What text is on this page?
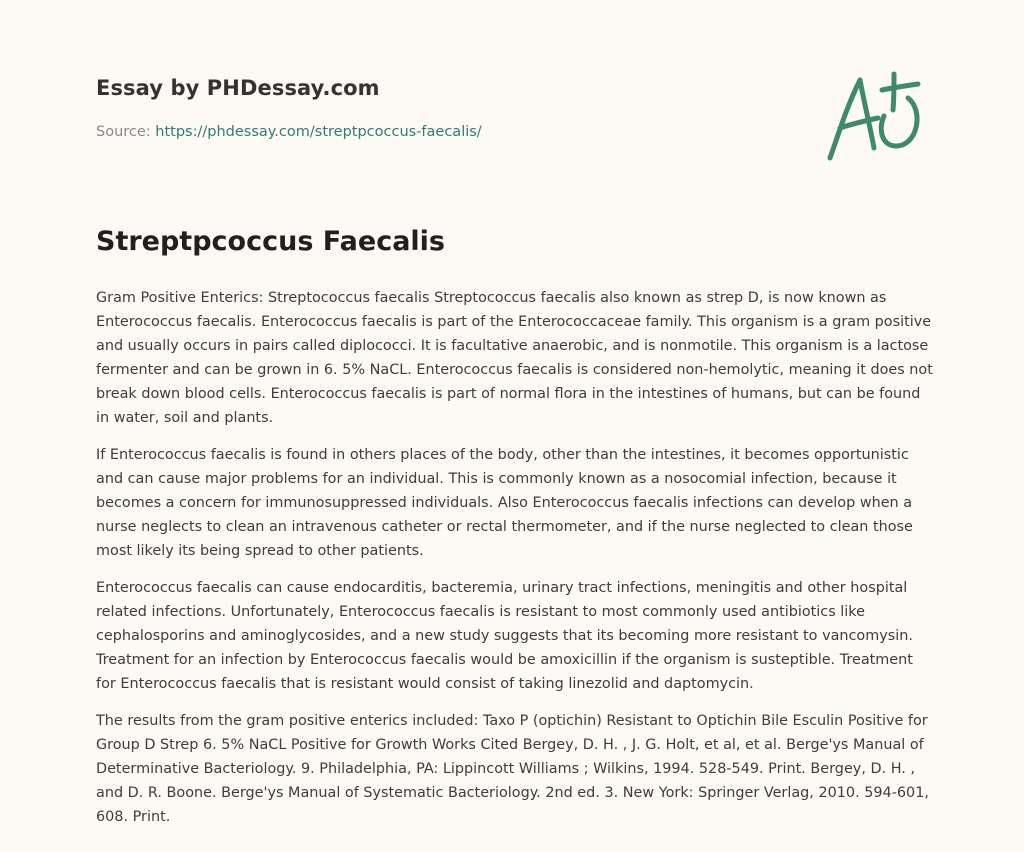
Essay by PHDessay.com
Source: https://phdessay.com/streptpcoccus-faecalis/
Streptpcoccus Faecalis

Gram Positive Enterics: Streptococcus faecalis Streptococcus faecalis also known as strep D, is now known as Enterococcus faecalis. Enterococcus faecalis is part of the Enterococcaceae family. This organism is a gram positive and usually occurs in pairs called diplococci. It is facultative anaerobic, and is nonmotile. This organism is a lactose fermenter and can be grown in 6. 5% NaCL. Enterococcus faecalis is considered non-hemolytic, meaning it does not break down blood cells. Enterococcus faecalis is part of normal flora in the intestines of humans, but can be found in water, soil and plants.

If Enterococcus faecalis is found in others places of the body, other than the intestines, it becomes opportunistic and can cause major problems for an individual. This is commonly known as a nosocomial infection, because it becomes a concern for immunosuppressed individuals. Also Enterococcus faecalis infections can develop when a nurse neglects to clean an intravenous catheter or rectal thermometer, and if the nurse neglected to clean those most likely its being spread to other patients.

Enterococcus faecalis can cause endocarditis, bacteremia, urinary tract infections, meningitis and other hospital related infections. Unfortunately, Enterococcus faecalis is resistant to most commonly used antibiotics like cephalosporins and aminoglycosides, and a new study suggests that its becoming more resistant to vancomysin. Treatment for an infection by Enterococcus faecalis would be amoxicillin if the organism is susteptible. Treatment for Enterococcus faecalis that is resistant would consist of taking linezolid and daptomycin.

The results from the gram positive enterics included: Taxo P (optichin) Resistant to Optichin Bile Esculin Positive for Group D Strep 6. 5% NaCL Positive for Growth Works Cited Bergey, D. H. , J. G. Holt, et al, et al. Berge'ys Manual of Determinative Bacteriology. 9. Philadelphia, PA: Lippincott Williams ; Wilkins, 1994. 528-549. Print. Bergey, D. H. , and D. R. Boone. Berge'ys Manual of Systematic Bacteriology. 2nd ed. 3. New York: Springer Verlag, 2010. 594-601, 608. Print.
